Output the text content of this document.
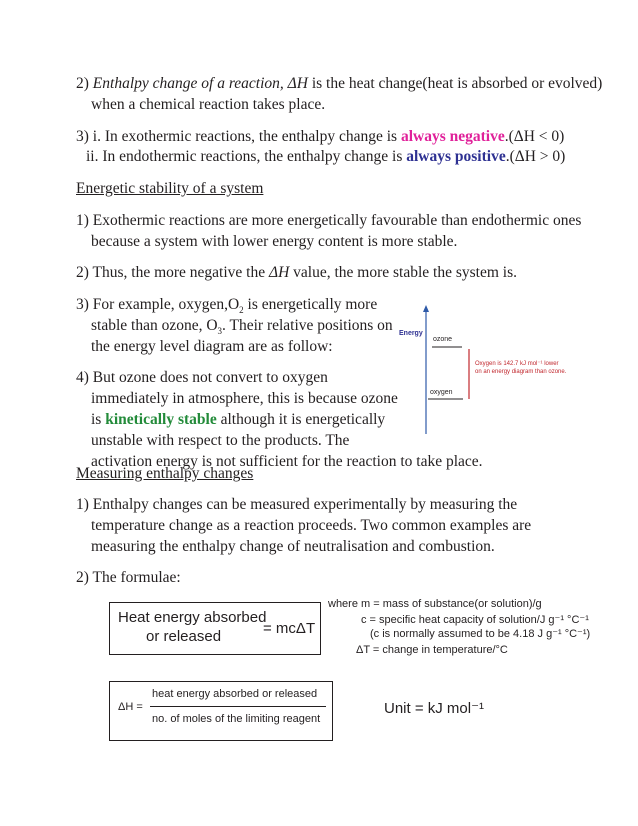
2) Enthalpy change of a reaction, ΔH is the heat change(heat is absorbed or evolved)
when a chemical reaction takes place.
3) i. In exothermic reactions, the enthalpy change is always negative.(ΔH < 0)
ii. In endothermic reactions, the enthalpy change is always positive.(ΔH > 0)
Energetic stability of a system
1) Exothermic reactions are more energetically favourable than endothermic ones
because a system with lower energy content is more stable.
2) Thus, the more negative the ΔH value, the more stable the system is.
3) For example, $oxygen,O_2$ is energetically more
stable than ozone, $O_3$. Their relative positions on
the energy level diagram are as follow:
4) But ozone does not convert to oxygen
immediately in atmosphere, this is because ozone
is kinetically stable although it is energetically
unstable with respect to the products. The
activation energy is not sufficient for the reaction to take place.
Energy
ozone
oxygen
Oxygen is 142.7 kJ mol⁻¹ lower
on an energy diagram than ozone.
Measuring enthalpy changes
1) Enthalpy changes can be measured experimentally by measuring the
temperature change as a reaction proceeds. Two common examples are
measuring the enthalpy change of neutralisation and combustion.
2) The formulae:
Heat energy absorbed
or released	= mcΔT
where m = mass of substance(or solution)/g
c = specific heat capacity of solution/J g⁻¹ °C⁻¹
(c is normally assumed to be 4.18 J g⁻¹ °C⁻¹)
ΔT = change in temperature/°C
ΔH =
heat energy absorbed or released
no. of moles of the limiting reagent
Unit = kJ mol⁻¹
